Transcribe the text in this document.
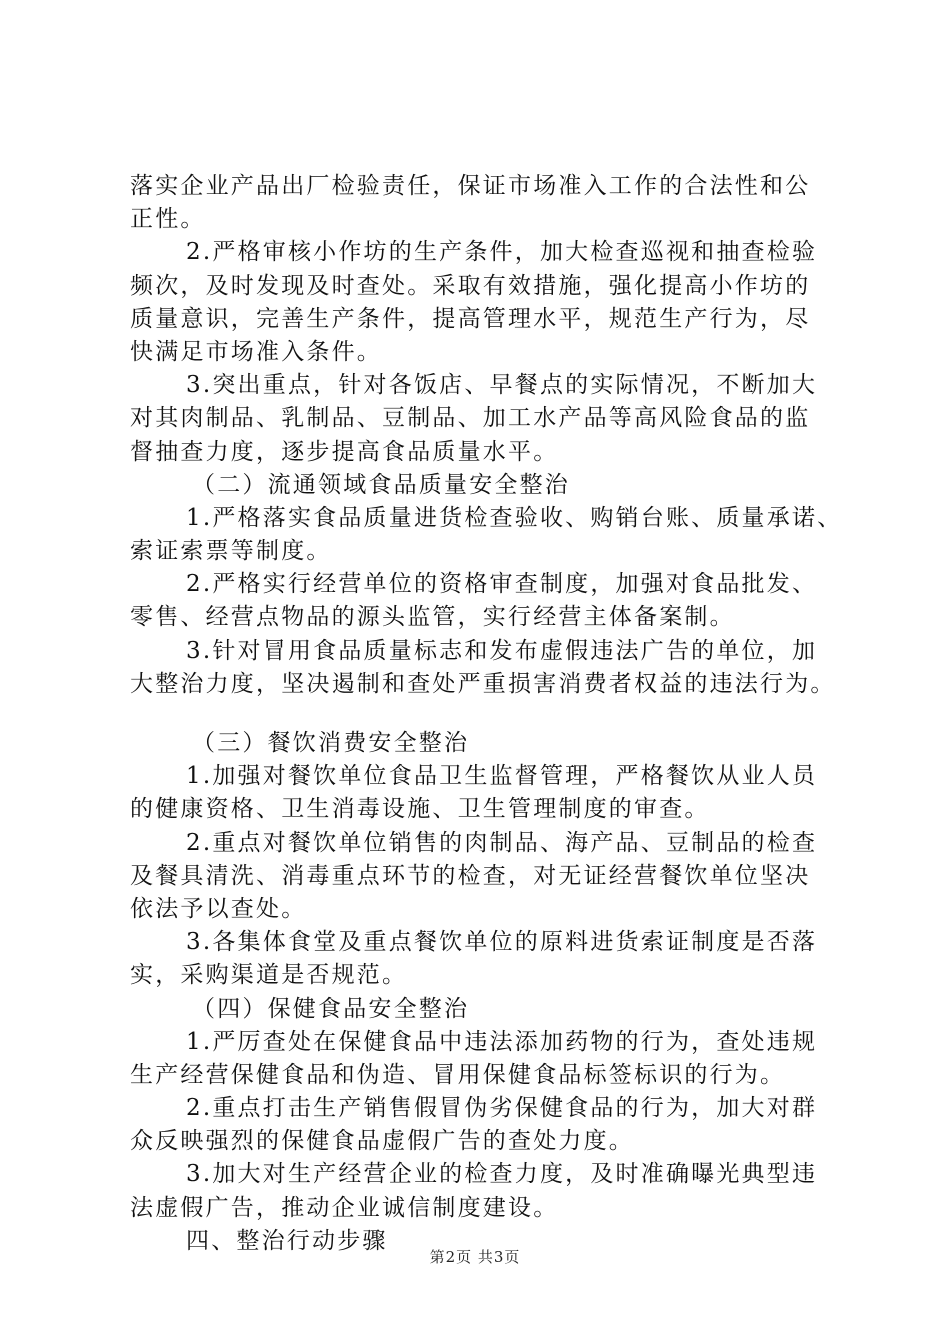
落实企业产品出厂检验责任，保证市场准入工作的合法性和公
正性。
2.严格审核小作坊的生产条件，加大检查巡视和抽查检验
频次，及时发现及时查处。采取有效措施，强化提高小作坊的
质量意识，完善生产条件，提高管理水平，规范生产行为，尽
快满足市场准入条件。
3.突出重点，针对各饭店、早餐点的实际情况，不断加大
对其肉制品、乳制品、豆制品、加工水产品等高风险食品的监
督抽查力度，逐步提高食品质量水平。
（二）流通领域食品质量安全整治
1.严格落实食品质量进货检查验收、购销台账、质量承诺、
索证索票等制度。
2.严格实行经营单位的资格审查制度，加强对食品批发、
零售、经营点物品的源头监管，实行经营主体备案制。
3.针对冒用食品质量标志和发布虚假违法广告的单位，加
大整治力度，坚决遏制和查处严重损害消费者权益的违法行为。
（三）餐饮消费安全整治
1.加强对餐饮单位食品卫生监督管理，严格餐饮从业人员
的健康资格、卫生消毒设施、卫生管理制度的审查。
2.重点对餐饮单位销售的肉制品、海产品、豆制品的检查
及餐具清洗、消毒重点环节的检查，对无证经营餐饮单位坚决
依法予以查处。
3.各集体食堂及重点餐饮单位的原料进货索证制度是否落
实，采购渠道是否规范。
（四）保健食品安全整治
1.严厉查处在保健食品中违法添加药物的行为，查处违规
生产经营保健食品和伪造、冒用保健食品标签标识的行为。
2.重点打击生产销售假冒伪劣保健食品的行为，加大对群
众反映强烈的保健食品虚假广告的查处力度。
3.加大对生产经营企业的检查力度，及时准确曝光典型违
法虚假广告，推动企业诚信制度建设。
四、整治行动步骤
第2页 共3页
